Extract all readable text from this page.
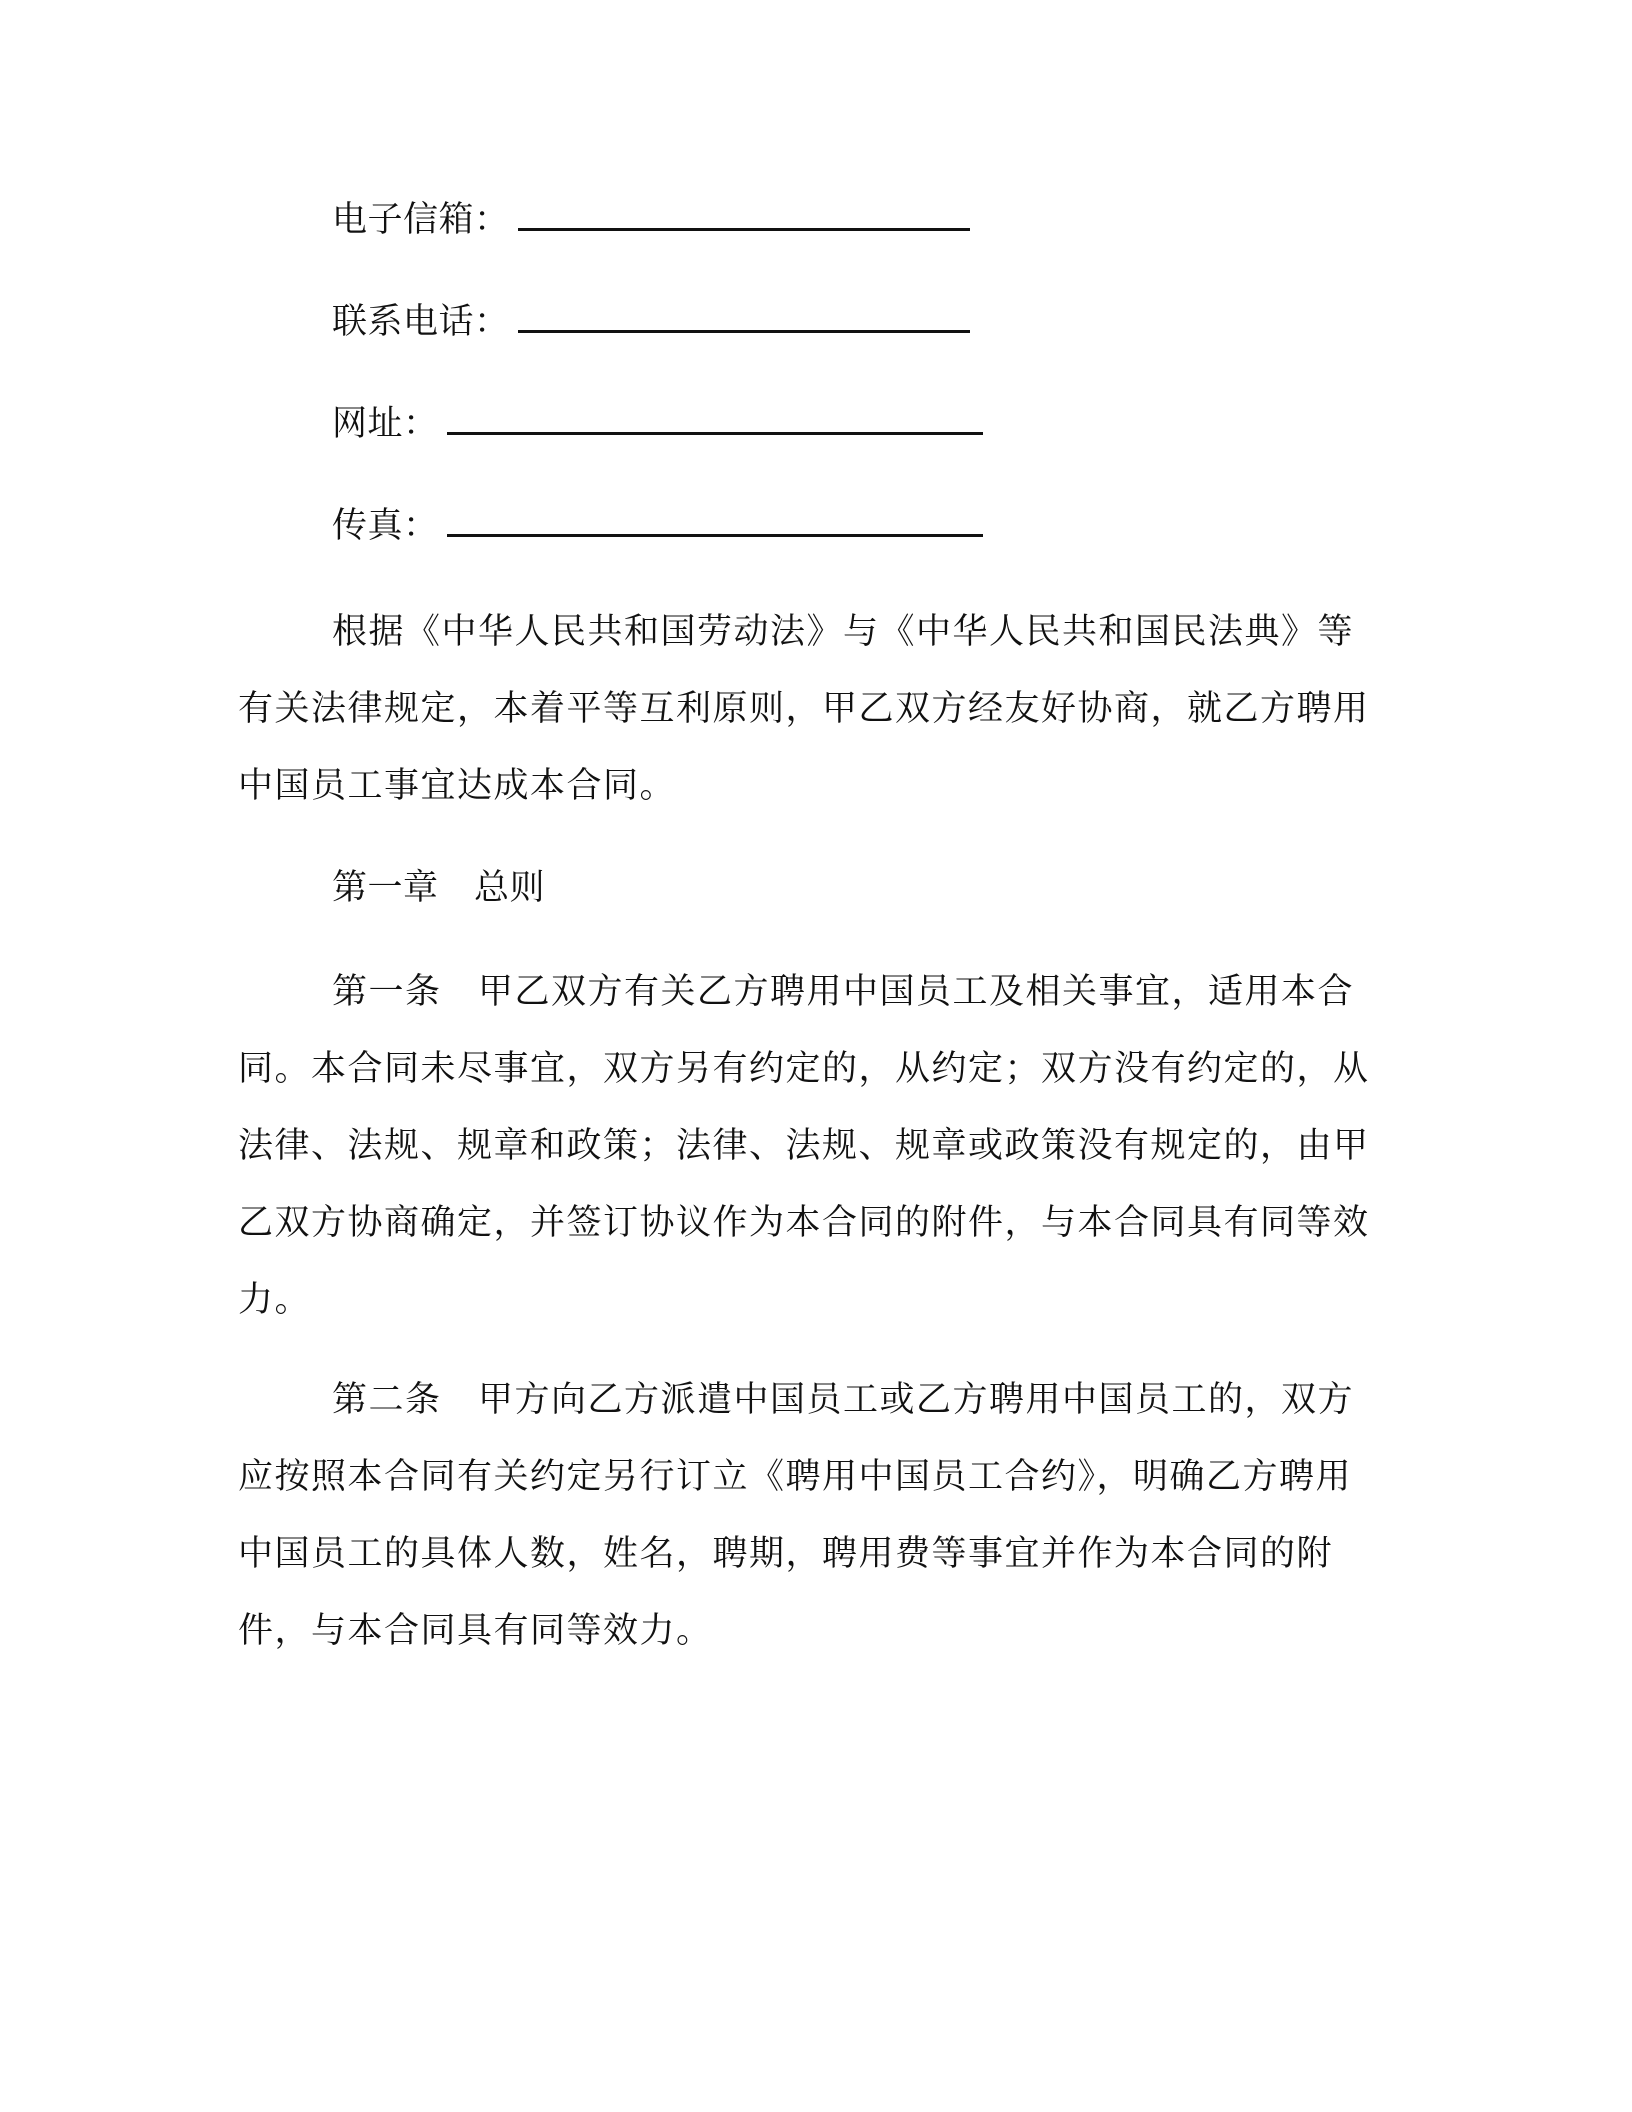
电子信箱：
联系电话：
网址：
传真：

根据《中华人民共和国劳动法》与《中华人民共和国民法典》等有关法律规定，本着平等互利原则，甲乙双方经友好协商，就乙方聘用中国员工事宜达成本合同。

第一章　总则

第一条　甲乙双方有关乙方聘用中国员工及相关事宜，适用本合同。本合同未尽事宜，双方另有约定的，从约定；双方没有约定的，从法律、法规、规章和政策；法律、法规、规章或政策没有规定的，由甲乙双方协商确定，并签订协议作为本合同的附件，与本合同具有同等效力。

第二条　甲方向乙方派遣中国员工或乙方聘用中国员工的，双方应按照本合同有关约定另行订立《聘用中国员工合约》，明确乙方聘用中国员工的具体人数，姓名，聘期，聘用费等事宜并作为本合同的附件，与本合同具有同等效力。
